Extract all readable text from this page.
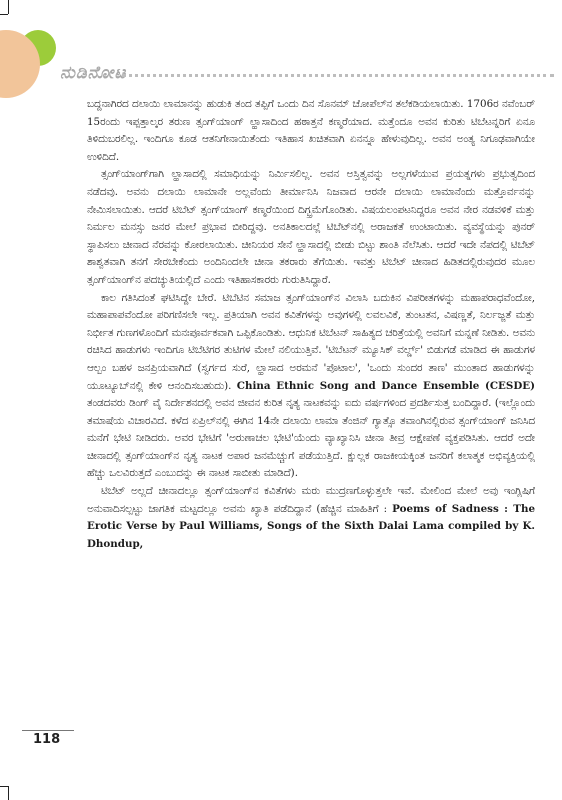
ನುಡಿನೋಟ

ಬದ್ದನಾಗಿರದ ದಲಾಯಿ ಲಾಮಾನನ್ನು ಹುಡುಕಿ ತಂದ ತಪ್ಪಿಗೆ ಒಂದು ದಿನ ಸೊನಮ್ ಚೋಪೆಲ್‌ನ ತಲೆಕಡಿಯಲಾಯಿತು. 1706ರ ನವೆಂಬರ್ 15ರಂದು ಇಪ್ಪತ್ತಾಲ್ಕರ ತರುಣ ತ್ಸಂಗ್‌ಯಾಂಗ್ ಲ್ಹಾಸಾದಿಂದ ಹಠಾತ್ತನೆ ಕಣ್ಮರೆಯಾದ. ಮತ್ತೆಂದೂ ಅವನ ಕುರಿತು ಟಿಬೆಟನ್ನರಿಗೆ ಏನೂ ತಿಳಿದುಬರಲಿಲ್ಲ. ಇಂದಿಗೂ ಕೂಡ ಆತನಿಗೇನಾಯಿತೆಂದು ಇತಿಹಾಸ ಖಚಿತವಾಗಿ ಏನನ್ನೂ ಹೇಳುವುದಿಲ್ಲ. ಅವನ ಅಂತ್ಯ ನಿಗೂಢವಾಗಿಯೇ ಉಳಿದಿದೆ.

ತ್ಸಂಗ್‌ಯಾಂಗ್‌ಗಾಗಿ ಲ್ಹಾಸಾದಲ್ಲಿ ಸಮಾಧಿಯನ್ನು ನಿರ್ಮಿಸಲಿಲ್ಲ. ಅವನ ಅಸ್ತಿತ್ವವನ್ನು ಅಲ್ಲಗಳೆಯುವ ಪ್ರಯತ್ನಗಳು ಪ್ರಭುತ್ವದಿಂದ ನಡೆದವು. ಅವನು ದಲಾಯಿ ಲಾಮಾನೇ ಅಲ್ಲವೆಂದು ತೀರ್ಮಾನಿಸಿ ನಿಜವಾದ ಆರನೇ ದಲಾಯಿ ಲಾಮಾನೆಂದು ಮತ್ತೊರ್ವನನ್ನು ನೇಮಿಸಲಾಯಿತು. ಆದರೆ ಟಿಬೆಟ್ ತ್ಸಂಗ್‌ಯಾಂಗ್ ಕಣ್ಮರೆಯಿಂದ ದಿಗ್ಭ್ರಮೆಗೊಂಡಿತು. ವಿಷಯಲಂಪಟನಿದ್ದರೂ ಅವನ ನೇರ ನಡವಳಿಕೆ ಮತ್ತು ನಿರ್ಮಲ ಮನಸ್ಸು ಜನರ ಮೇಲೆ ಪ್ರಭಾವ ಬೀರಿದ್ದವು. ಅನತಿಕಾಲದಲ್ಲೆ ಟಿಬೆಟ್‌ನಲ್ಲಿ ಅರಾಜಕತೆ ಉಂಟಾಯಿತು. ವ್ಯವಸ್ಥೆಯನ್ನು ಪುನರ್ ಸ್ಥಾಪಿಸಲು ಚೀನಾದ ನೆರವನ್ನು ಕೋರಲಾಯಿತು. ಚೀನಿಯರ ಸೇನೆ ಲ್ಹಾಸಾದಲ್ಲಿ ಬೀಡು ಬಿಟ್ಟು ಶಾಂತಿ ನೆಲೆಸಿತು. ಆದರೆ ಇದೇ ನೆಪದಲ್ಲಿ ಟಿಬೆಟ್ ಶಾಶ್ವತವಾಗಿ ತನಗೆ ಸೇರಬೇಕೆಂದು ಅಂದಿನಿಂದಲೇ ಚೀನಾ ತಕರಾರು ತೆಗೆಯಿತು. ಇವತ್ತು ಟಿಬೆಟ್ ಚೀನಾದ ಹಿಡಿತದಲ್ಲಿರುವುದರ ಮೂಲ ತ್ಸಂಗ್‌ಯಾಂಗ್‌ನ ಪದಚ್ಯುತಿಯಲ್ಲಿದೆ ಎಂದು ಇತಿಹಾಸಕಾರರು ಗುರುತಿಸಿದ್ದಾರೆ.

ಕಾಲ ಗತಿಸಿದಂತೆ ಘಟಿಸಿದ್ದೇ ಬೇರೆ. ಟಿಬೆಟಿನ ಸಮಾಜ ತ್ಸಂಗ್‌ಯಾಂಗ್‌ನ ವಿಲಾಸಿ ಬದುಕಿನ ವಿಪರೀತಗಳನ್ನು ಮಹಾಪರಾಧವೆಂದೋ, ಮಹಾಪಾಪವೆಂದೋ ಪರಿಗಣಿಸಲೇ ಇಲ್ಲ. ಪ್ರತಿಯಾಗಿ ಅವನ ಕವಿತೆಗಳನ್ನು ಅವುಗಳಲ್ಲಿ ಲವಲವಿಕೆ, ತುಂಟತನ, ವಿಷಣ್ಣತೆ, ನಿರ್ಲಜ್ಜತೆ ಮತ್ತು ನಿರ್ಭೀತ ಗುಣಗಳೊಂದಿಗೆ ಮನಃಪೂರ್ವಕವಾಗಿ ಒಪ್ಪಿಕೊಂಡಿತು. ಆಧುನಿಕ ಟಿಬೆಟನ್ ಸಾಹಿತ್ಯದ ಚರಿತ್ರೆಯಲ್ಲಿ ಅವನಿಗೆ ಮನ್ನಣೆ ನೀಡಿತು. ಅವನು ರಚಿಸಿದ ಹಾಡುಗಳು ಇಂದಿಗೂ ಟಿಬೆಟಿಗರ ತುಟಿಗಳ ಮೇಲೆ ನಲಿಯುತ್ತಿವೆ. 'ಟಿಬೆಟನ್ ಮ್ಯೂಸಿಕ್ ವರ್ಲ್ಡ್' ಬಿಡುಗಡೆ ಮಾಡಿದ ಈ ಹಾಡುಗಳ ಆಲ್ಬಂ ಬಹಳ ಜನಪ್ರಿಯವಾಗಿದೆ (ಸ್ವರ್ಗದ ಸುರೆ, ಲ್ಹಾಸಾದ ಅರಮನೆ 'ಪೊಟಾಲ', 'ಒಂದು ಸುಂದರ ತಾಣ' ಮುಂತಾದ ಹಾಡುಗಳನ್ನು ಯೂಟ್ಯೂಬ್‌ನಲ್ಲಿ ಕೇಳಿ ಆನಂದಿಸಬಹುದು). China Ethnic Song and Dance Ensemble (CESDE) ತಂಡದವರು ಡಿಂಗ್ ವೈ ನಿರ್ದೇಶನದಲ್ಲಿ ಅವನ ಜೀವನ ಕುರಿತ ನೃತ್ಯ ನಾಟಕವನ್ನು ಐದು ವರ್ಷಗಳಿಂದ ಪ್ರದರ್ಶಿಸುತ್ತ ಬಂದಿದ್ದಾರೆ. (ಇಲ್ಲೊಂದು ತಮಾಷೆಯ ವಿಚಾರವಿದೆ. ಕಳೆದ ಏಪ್ರಿಲ್‌ನಲ್ಲಿ ಈಗಿನ 14ನೇ ದಲಾಯಿ ಲಾಮಾ ತೆಂಜಿನ್ ಗ್ಯಾತ್ಸೊ ತವಾಂಗಿನಲ್ಲಿರುವ ತ್ಸಂಗ್‌ಯಾಂಗ್ ಜನಿಸಿದ ಮನೆಗೆ ಭೇಟಿ ನೀಡಿದರು. ಅವರ ಭೇಟಿಗೆ 'ಅರುಣಾಚಲ ಭೇಟಿ'ಯೆಂದು ವ್ಯಾಖ್ಯಾನಿಸಿ ಚೀನಾ ತೀವ್ರ ಆಕ್ಷೇಪಣೆ ವ್ಯಕ್ತಪಡಿಸಿತು. ಆದರೆ ಅದೇ ಚೀನಾದಲ್ಲಿ ತ್ಸಂಗ್‌ಯಾಂಗ್‌ನ ನೃತ್ಯ ನಾಟಕ ಅಪಾರ ಜನಮೆಚ್ಚುಗೆ ಪಡೆಯುತ್ತಿದೆ. ಕ್ಷುಲ್ಲಕ ರಾಜಕೀಯಕ್ಕಿಂತ ಜನರಿಗೆ ಕಲಾತ್ಮಕ ಅಭಿವ್ಯಕ್ತಿಯಲ್ಲಿ ಹೆಚ್ಚು ಒಲವಿರುತ್ತದೆ ಎಂಬುದನ್ನು ಈ ನಾಟಕ ಸಾಬೀತು ಮಾಡಿದೆ).

ಟಿಬೆಟ್ ಅಲ್ಲದೆ ಚೀನಾದಲ್ಲೂ ತ್ಸಂಗ್‌ಯಾಂಗ್‌ನ ಕವಿತೆಗಳು ಮರು ಮುದ್ರಣಗೊಳ್ಳುತ್ತಲೇ ಇವೆ. ಮೇಲಿಂದ ಮೇಲೆ ಅವು ಇಂಗ್ಲಿಷಿಗೆ ಅನುವಾದಿಸಲ್ಪಟ್ಟು ಜಾಗತಿಕ ಮಟ್ಟದಲ್ಲೂ ಅವನು ಖ್ಯಾತಿ ಪಡೆದಿದ್ದಾನೆ (ಹೆಚ್ಚಿನ ಮಾಹಿತಿಗೆ : Poems of Sadness : The Erotic Verse by Paul Williams, Songs of the Sixth Dalai Lama compiled by K. Dhondup,

118
